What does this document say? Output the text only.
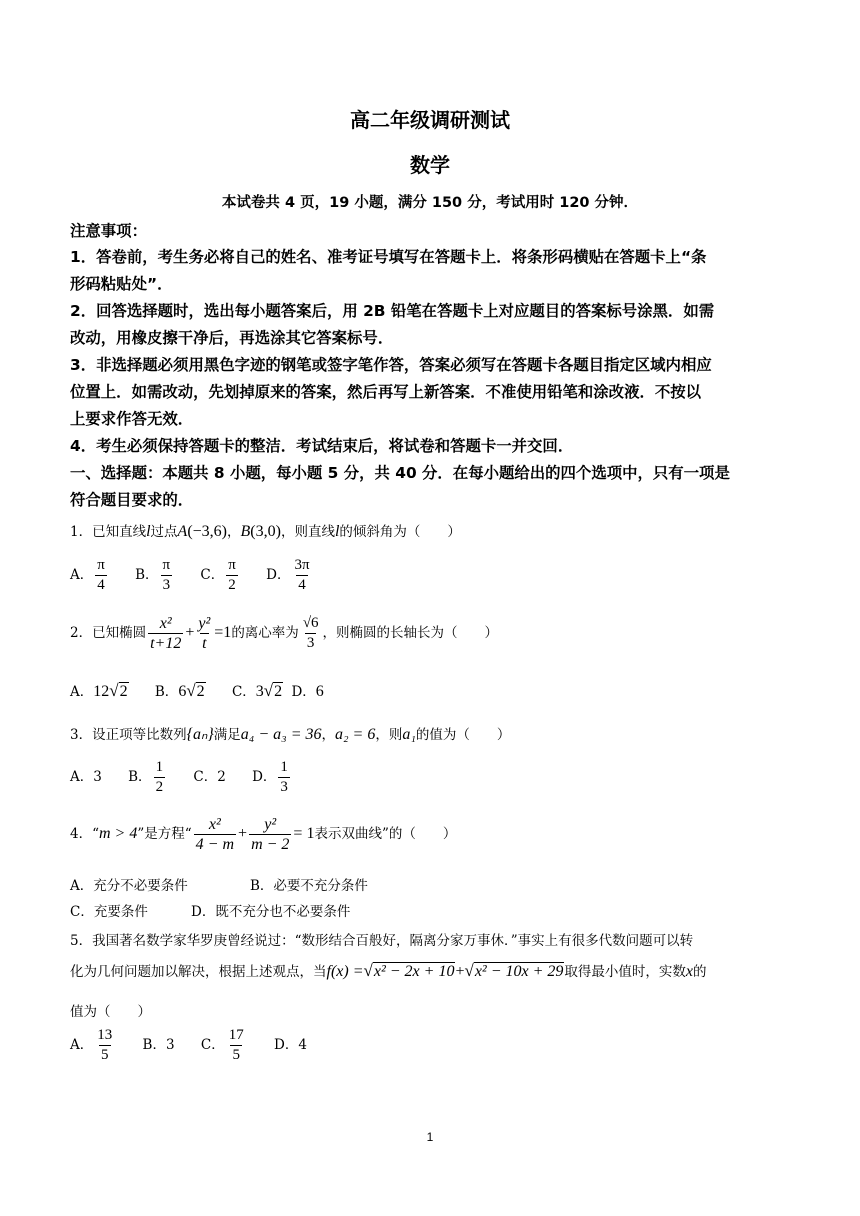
高二年级调研测试
数学
本试卷共 4 页，19 小题，满分 150 分，考试用时 120 分钟．
注意事项：
1．答卷前，考生务必将自己的姓名、准考证号填写在答题卡上．将条形码横贴在答题卡上“条
形码粘贴处”．
2．回答选择题时，选出每小题答案后，用 2B 铅笔在答题卡上对应题目的答案标号涂黑．如需
改动，用橡皮擦干净后，再选涂其它答案标号．
3．非选择题必须用黑色字迹的钢笔或签字笔作答，答案必须写在答题卡各题目指定区域内相应
位置上．如需改动，先划掉原来的答案，然后再写上新答案．不准使用铅笔和涂改液．不按以
上要求作答无效．
4．考生必须保持答题卡的整洁．考试结束后，将试卷和答题卡一并交回．
一、选择题：本题共 8 小题，每小题 5 分，共 40 分．在每小题给出的四个选项中，只有一项是
符合题目要求的．
1．已知直线l过点A(−3,6)，B(3,0)，则直线l的倾斜角为（　　）
A． $\frac{\pi}{4}$ B． $\frac{\pi}{3}$ C． $\frac{\pi}{2}$ D． $\frac{3\pi}{4}$
2．已知椭圆 $\frac{\text{x²}}{t+12} + \frac{\text{y²}}{t} =1$的离心率为 $\frac{√6}{3}$ ，则椭圆的长轴长为（　　）
A．12√2 B．6√2 C．3√2 D．6
3．设正项等比数列{aₙ}满足a₄ − a₃ = 36，a₂ = 6，则a₁的值为（　　）
A．3 B． $\frac{1}{2}$ C．2 D． $\frac{1}{3}$
4．“m > 4”是方程“ $\frac{\text{x²}}{4 - m} + \frac{\text{y²}}{m - 2} = 1$表示双曲线”的（　　）
A．充分不必要条件	B．必要不充分条件
C．充要条件	D．既不充分也不必要条件
5．我国著名数学家华罗庚曾经说过：“数形结合百般好，隔离分家万事休．”事实上有很多代数问题可以转
化为几何问题加以解决，根据上述观点，当f(x) =√x² − 2x + 10+√x² − 10x + 29取得最小值时，实数x的
值为（　　）
A． $\frac{13}{5}$ B．3 C． $\frac{17}{5}$ D．4
1
